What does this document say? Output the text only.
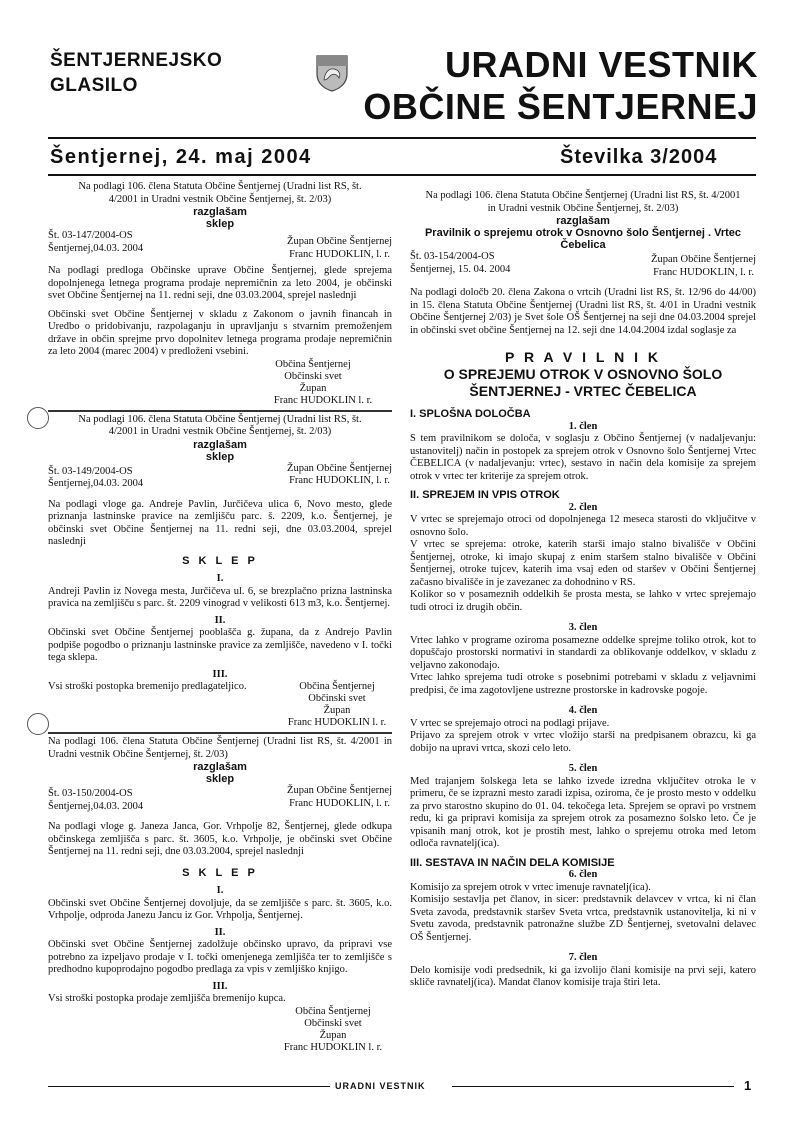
ŠENTJERNEJSKO
GLASILO
URADNI VESTNIK
OBČINE ŠENTJERNEJ
Šentjernej, 24. maj 2004	Številka 3/2004

Na podlagi 106. člena Statuta Občine Šentjernej (Uradni list RS, št. 4/2001 in Uradni vestnik Občine Šentjernej, št. 2/03)

razglašam
sklep
Št. 03-147/2004-OS
Šentjernej,04.03. 2004
Župan Občine Šentjernej
Franc HUDOKLIN, l. r.

Na podlagi predloga Občinske uprave Občine Šentjernej, glede sprejema dopolnjenega letnega programa prodaje nepremičnin za leto 2004, je občinski svet Občine Šentjernej na 11. redni seji, dne 03.03.2004, sprejel naslednji

Občinski svet Občine Šentjernej v skladu z Zakonom o javnih financah in Uredbo o pridobivanju, razpolaganju in upravljanju s stvarnim premoženjem države in občin sprejme prvo dopolnitev letnega programa prodaje nepremičnin za leto 2004 (marec 2004) v predloženi vsebini.

Občina Šentjernej
Občinski svet
Župan
Franc HUDOKLIN l. r.

Na podlagi 106. člena Statuta Občine Šentjernej (Uradni list RS, št. 4/2001 in Uradni vestnik Občine Šentjernej, št. 2/03)

razglašam
sklep
Št. 03-149/2004-OS
Šentjernej,04.03. 2004
Župan Občine Šentjernej
Franc HUDOKLIN, l. r.

Na podlagi vloge ga. Andreje Pavlin, Jurčičeva ulica 6, Novo mesto, glede priznanja lastninske pravice na zemljišču parc. š. 2209, k.o. Šentjernej, je občinski svet Občine Šentjernej na 11. redni seji, dne 03.03.2004, sprejel naslednji

S K L E P
I.

Andreji Pavlin iz Novega mesta, Jurčičeva ul. 6, se brezplačno prizna lastninska pravica na zemljišču s parc. št. 2209 vinograd v velikosti 613 m3, k.o. Šentjernej.

II.

Občinski svet Občine Šentjernej pooblašča g. župana, da z Andrejo Pavlin podpiše pogodbo o priznanju lastninske pravice za zemljišče, navedeno v I. točki tega sklepa.

III.
Vsi stroški postopka bremenijo predlagateljico.	Občina Šentjernej
Občinski svet
Župan
Franc HUDOKLIN l. r.

Na podlagi 106. člena Statuta Občine Šentjernej (Uradni list RS, št. 4/2001 in Uradni vestnik Občine Šentjernej, št. 2/03)

razglašam
sklep
Št. 03-150/2004-OS
Šentjernej,04.03. 2004
Župan Občine Šentjernej
Franc HUDOKLIN, l. r.

Na podlagi vloge g. Janeza Janca, Gor. Vrhpolje 82, Šentjernej, glede odkupa občinskega zemljišča s parc. št. 3605, k.o. Vrhpolje, je občinski svet Občine Šentjernej na 11. redni seji, dne 03.03.2004, sprejel naslednji

S K L E P
I.

Občinski svet Občine Šentjernej dovoljuje, da se zemljišče s parc. št. 3605, k.o. Vrhpolje, odproda Janezu Jancu iz Gor. Vrhpolja, Šentjernej.

II.

Občinski svet Občine Šentjernej zadolžuje občinsko upravo, da pripravi vse potrebno za izpeljavo prodaje v I. točki omenjenega zemljišča ter to zemljišče s predhodno kupoprodajno pogodbo predlaga za vpis v zemljiško knjigo.

III.

Vsi stroški postopka prodaje zemljišča bremenijo kupca.

Občina Šentjernej
Občinski svet
Župan
Franc HUDOKLIN l. r.

Na podlagi 106. člena Statuta Občine Šentjernej (Uradni list RS, št. 4/2001 in Uradni vestnik Občine Šentjernej, št. 2/03)

razglašam
Pravilnik o sprejemu otrok v Osnovno šolo Šentjernej . Vrtec Čebelica
Št. 03-154/2004-OS
Šentjernej, 15. 04. 2004
Župan Občine Šentjernej
Franc HUDOKLIN, l. r.

Na podlagi določb 20. člena Zakona o vrtcih (Uradni list RS, št. 12/96 do 44/00) in 15. člena Statuta Občine Šentjernej (Uradni list RS, št. 4/01 in Uradni vestnik Občine Šentjernej 2/03) je Svet šole OŠ Šentjernej na seji dne 04.03.2004 sprejel in občinski svet občine Šentjernej na 12. seji dne 14.04.2004 izdal soglasje za

P R A V I L N I K
O SPREJEMU OTROK V OSNOVNO ŠOLO
ŠENTJERNEJ - VRTEC ČEBELICA
I. SPLOŠNA DOLOČBA
1. člen

S tem pravilnikom se določa, v soglasju z Občino Šentjernej (v nadaljevanju: ustanovitelj) način in postopek za sprejem otrok v Osnovno šolo Šentjernej Vrtec ČEBELICA (v nadaljevanju: vrtec), sestavo in način dela komisije za sprejem otrok v vrtec ter kriterije za sprejem otrok.

II. SPREJEM IN VPIS OTROK
2. člen

V vrtec se sprejemajo otroci od dopolnjenega 12 meseca starosti do vključitve v osnovno šolo.

V vrtec se sprejema: otroke, katerih starši imajo stalno bivališče v Občini Šentjernej, otroke, ki imajo skupaj z enim staršem stalno bivališče v Občini Šentjernej, otroke tujcev, katerih ima vsaj eden od staršev v Občini Šentjernej začasno bivališče in je zavezanec za dohodnino v RS.

Kolikor so v posameznih oddelkih še prosta mesta, se lahko v vrtec sprejemajo tudi otroci iz drugih občin.

3. člen

Vrtec lahko v programe oziroma posamezne oddelke sprejme toliko otrok, kot to dopuščajo prostorski normativi in standardi za oblikovanje oddelkov, v skladu z veljavno zakonodajo.

Vrtec lahko sprejema tudi otroke s posebnimi potrebami v skladu z veljavnimi predpisi, če ima zagotovljene ustrezne prostorske in kadrovske pogoje.

4. člen

V vrtec se sprejemajo otroci na podlagi prijave.

Prijavo za sprejem otrok v vrtec vložijo starši na predpisanem obrazcu, ki ga dobijo na upravi vrtca, skozi celo leto.

5. člen

Med trajanjem šolskega leta se lahko izvede izredna vključitev otroka le v primeru, če se izprazni mesto zaradi izpisa, oziroma, če je prosto mesto v oddelku za prvo starostno skupino do 01. 04. tekočega leta. Sprejem se opravi po vrstnem redu, ki ga pripravi komisija za sprejem otrok za posamezno šolsko leto. Če je vpisanih manj otrok, kot je prostih mest, lahko o sprejemu otroka med letom odloča ravnatelj(ica).

III. SESTAVA IN NAČIN DELA KOMISIJE
6. člen

Komisijo za sprejem otrok v vrtec imenuje ravnatelj(ica).

Komisijo sestavlja pet članov, in sicer: predstavnik delavcev v vrtca, ki ni član Sveta zavoda, predstavnik staršev Sveta vrtca, predstavnik ustanovitelja, ki ni v Svetu zavoda, predstavnik patronažne službe ZD Šentjernej, svetovalni delavec OŠ Šentjernej.

7. člen

Delo komisije vodi predsednik, ki ga izvolijo člani komisije na prvi seji, katero skliče ravnatelj(ica). Mandat članov komisije traja štiri leta.

URADNI VESTNIK	1
